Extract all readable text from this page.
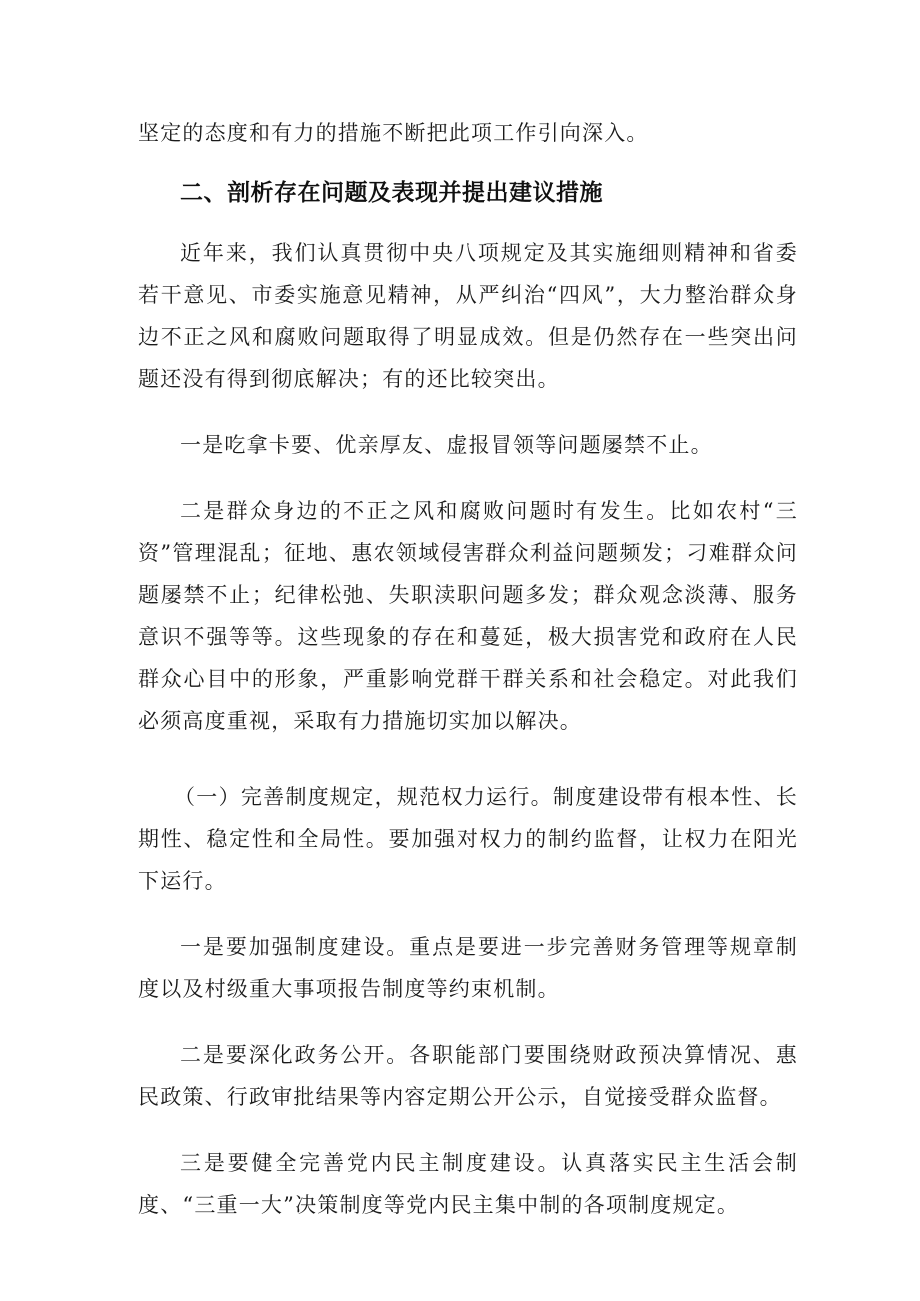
坚定的态度和有力的措施不断把此项工作引向深入。

二、剖析存在问题及表现并提出建议措施

近年来，我们认真贯彻中央八项规定及其实施细则精神和省委若干意见、市委实施意见精神，从严纠治“四风”，大力整治群众身边不正之风和腐败问题取得了明显成效。但是仍然存在一些突出问题还没有得到彻底解决；有的还比较突出。

一是吃拿卡要、优亲厚友、虚报冒领等问题屡禁不止。

二是群众身边的不正之风和腐败问题时有发生。比如农村“三资”管理混乱；征地、惠农领域侵害群众利益问题频发；刁难群众问题屡禁不止；纪律松弛、失职渎职问题多发；群众观念淡薄、服务意识不强等等。这些现象的存在和蔓延，极大损害党和政府在人民群众心目中的形象，严重影响党群干群关系和社会稳定。对此我们必须高度重视，采取有力措施切实加以解决。

（一）完善制度规定，规范权力运行。制度建设带有根本性、长期性、稳定性和全局性。要加强对权力的制约监督，让权力在阳光下运行。

一是要加强制度建设。重点是要进一步完善财务管理等规章制度以及村级重大事项报告制度等约束机制。

二是要深化政务公开。各职能部门要围绕财政预决算情况、惠民政策、行政审批结果等内容定期公开公示，自觉接受群众监督。

三是要健全完善党内民主制度建设。认真落实民主生活会制度、“三重一大”决策制度等党内民主集中制的各项制度规定。
